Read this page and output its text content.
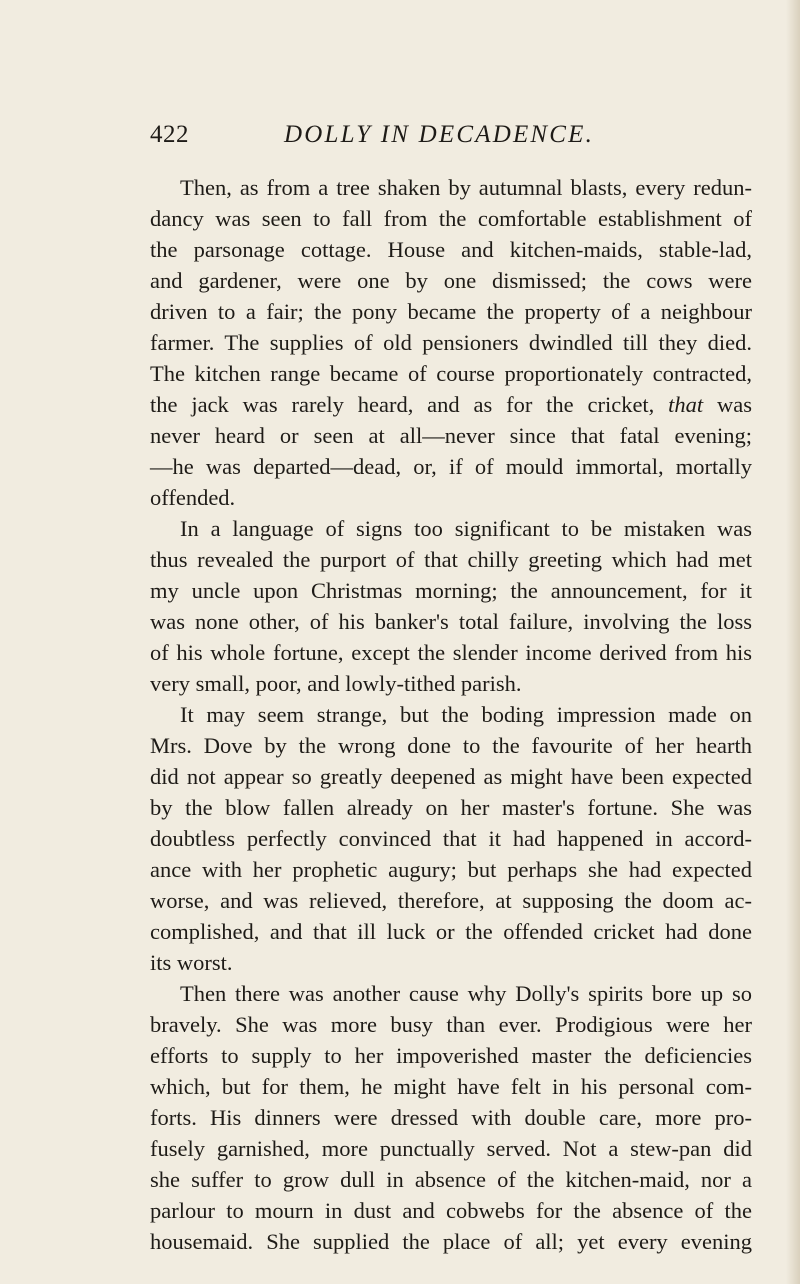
422	DOLLY IN DECADENCE.

Then, as from a tree shaken by autumnal blasts, every redun-
dancy was seen to fall from the comfortable establishment of
the parsonage cottage. House and kitchen-maids, stable-lad,
and gardener, were one by one dismissed; the cows were
driven to a fair; the pony became the property of a neighbour
farmer. The supplies of old pensioners dwindled till they died.
The kitchen range became of course proportionately contracted,
the jack was rarely heard, and as for the cricket, that was
never heard or seen at all—never since that fatal evening;
—he was departed—dead, or, if of mould immortal, mortally
offended.

In a language of signs too significant to be mistaken was
thus revealed the purport of that chilly greeting which had met
my uncle upon Christmas morning; the announcement, for it
was none other, of his banker's total failure, involving the loss
of his whole fortune, except the slender income derived from his
very small, poor, and lowly-tithed parish.

It may seem strange, but the boding impression made on
Mrs. Dove by the wrong done to the favourite of her hearth
did not appear so greatly deepened as might have been expected
by the blow fallen already on her master's fortune. She was
doubtless perfectly convinced that it had happened in accord-
ance with her prophetic augury; but perhaps she had expected
worse, and was relieved, therefore, at supposing the doom ac-
complished, and that ill luck or the offended cricket had done
its worst.

Then there was another cause why Dolly's spirits bore up so
bravely. She was more busy than ever. Prodigious were her
efforts to supply to her impoverished master the deficiencies
which, but for them, he might have felt in his personal com-
forts. His dinners were dressed with double care, more pro-
fusely garnished, more punctually served. Not a stew-pan did
she suffer to grow dull in absence of the kitchen-maid, nor a
parlour to mourn in dust and cobwebs for the absence of the
housemaid. She supplied the place of all; yet every evening
